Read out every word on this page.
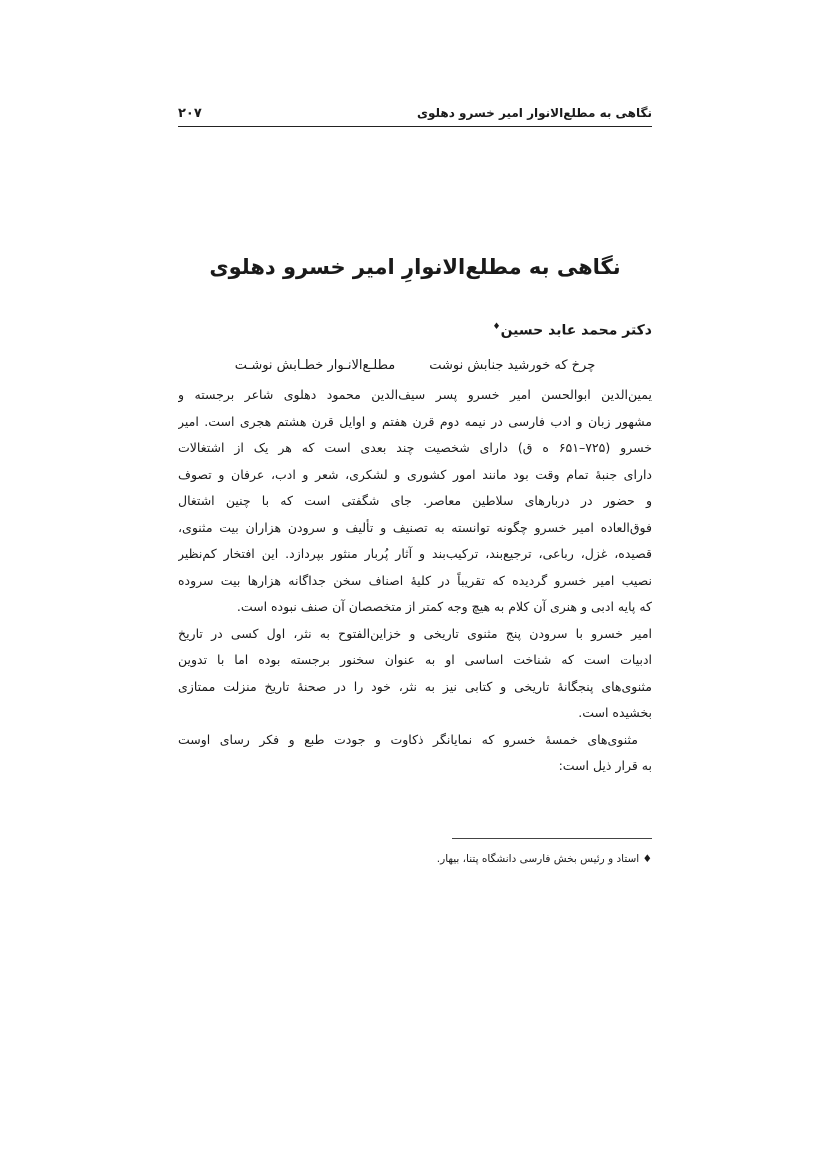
نگاهی به مطلع‌الانوار امیر خسرو دهلوی
۲۰۷
نگاهی به مطلع‌الانوارِ امیر خسرو دهلوی
دکتر محمد عابد حسین♦
چرخ که خورشید جنابش نوشت
مطلـع‌الانـوار خطـابش نوشـت
یمین‌الدین ابوالحسن امیر خسرو پسر سیف‌الدین محمود دهلوی شاعر برجسته و
مشهور زبان و ادب فارسی در نیمه دوم قرن هفتم و اوایل قرن هشتم هجری است. امیر
خسرو (۷۲۵–۶۵۱ ه ق) دارای شخصیت چند بعدی است که هر یک از اشتغالات
دارای جنبهٔ تمام وقت بود مانند امور کشوری و لشکری، شعر و ادب، عرفان و تصوف
و حضور در دربارهای سلاطین معاصر. جای شگفتی است که با چنین اشتغال
فوق‌العاده امیر خسرو چگونه توانسته به تصنیف و تألیف و سرودن هزاران بیت مثنوی،
قصیده، غزل، رباعی، ترجیع‌بند، ترکیب‌بند و آثار پُربار منثور بپردازد. این افتخار کم‌نظیر
نصیب امیر خسرو گردیده که تقریباً در کلیهٔ اصناف سخن جداگانه هزارها بیت سروده
که پایه ادبی و هنری آن کلام به هیچ وجه کمتر از متخصصان آن صنف نبوده است.
امیر خسرو با سرودن پنج مثنوی تاریخی و خزاین‌الفتوح به نثر، اول کسی در تاریخ
ادبیات است که شناخت اساسی او به عنوان سخنور برجسته بوده اما با تدوین
مثنوی‌های پنجگانهٔ تاریخی و کتابی نیز به نثر، خود را در صحنهٔ تاریخ منزلت ممتازی
بخشیده است.
مثنوی‌های خمسهٔ خسرو که نمایانگر ذکاوت و جودت طبع و فکر رسای اوست
به قرار ذیل است:
♦ استاد و رئیس بخش فارسی دانشگاه پتنا، بیهار.
